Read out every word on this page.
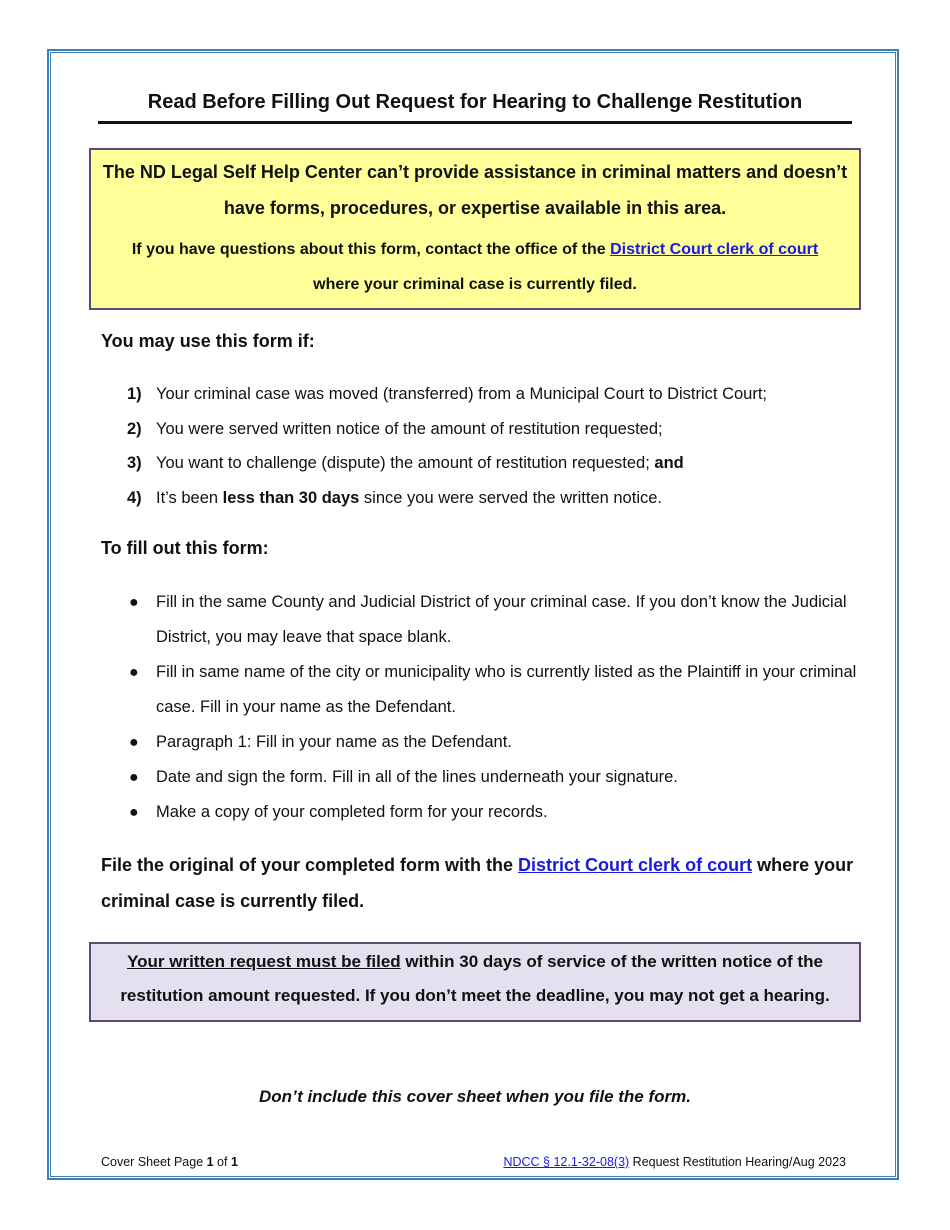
Read Before Filling Out Request for Hearing to Challenge Restitution

The ND Legal Self Help Center can’t provide assistance in criminal matters and doesn’t have forms, procedures, or expertise available in this area.

If you have questions about this form, contact the office of the District Court clerk of court where your criminal case is currently filed.

You may use this form if:
1) Your criminal case was moved (transferred) from a Municipal Court to District Court;
2) You were served written notice of the amount of restitution requested;
3) You want to challenge (dispute) the amount of restitution requested; and
4) It’s been less than 30 days since you were served the written notice.
To fill out this form:
● Fill in the same County and Judicial District of your criminal case. If you don’t know the Judicial District, you may leave that space blank.
● Fill in same name of the city or municipality who is currently listed as the Plaintiff in your criminal case. Fill in your name as the Defendant.
● Paragraph 1: Fill in your name as the Defendant.
● Date and sign the form. Fill in all of the lines underneath your signature.
● Make a copy of your completed form for your records.

File the original of your completed form with the District Court clerk of court where your criminal case is currently filed.

Your written request must be filed within 30 days of service of the written notice of the restitution amount requested. If you don’t meet the deadline, you may not get a hearing.

Don’t include this cover sheet when you file the form.

Cover Sheet Page 1 of 1	NDCC § 12.1-32-08(3) Request Restitution Hearing/Aug 2023
